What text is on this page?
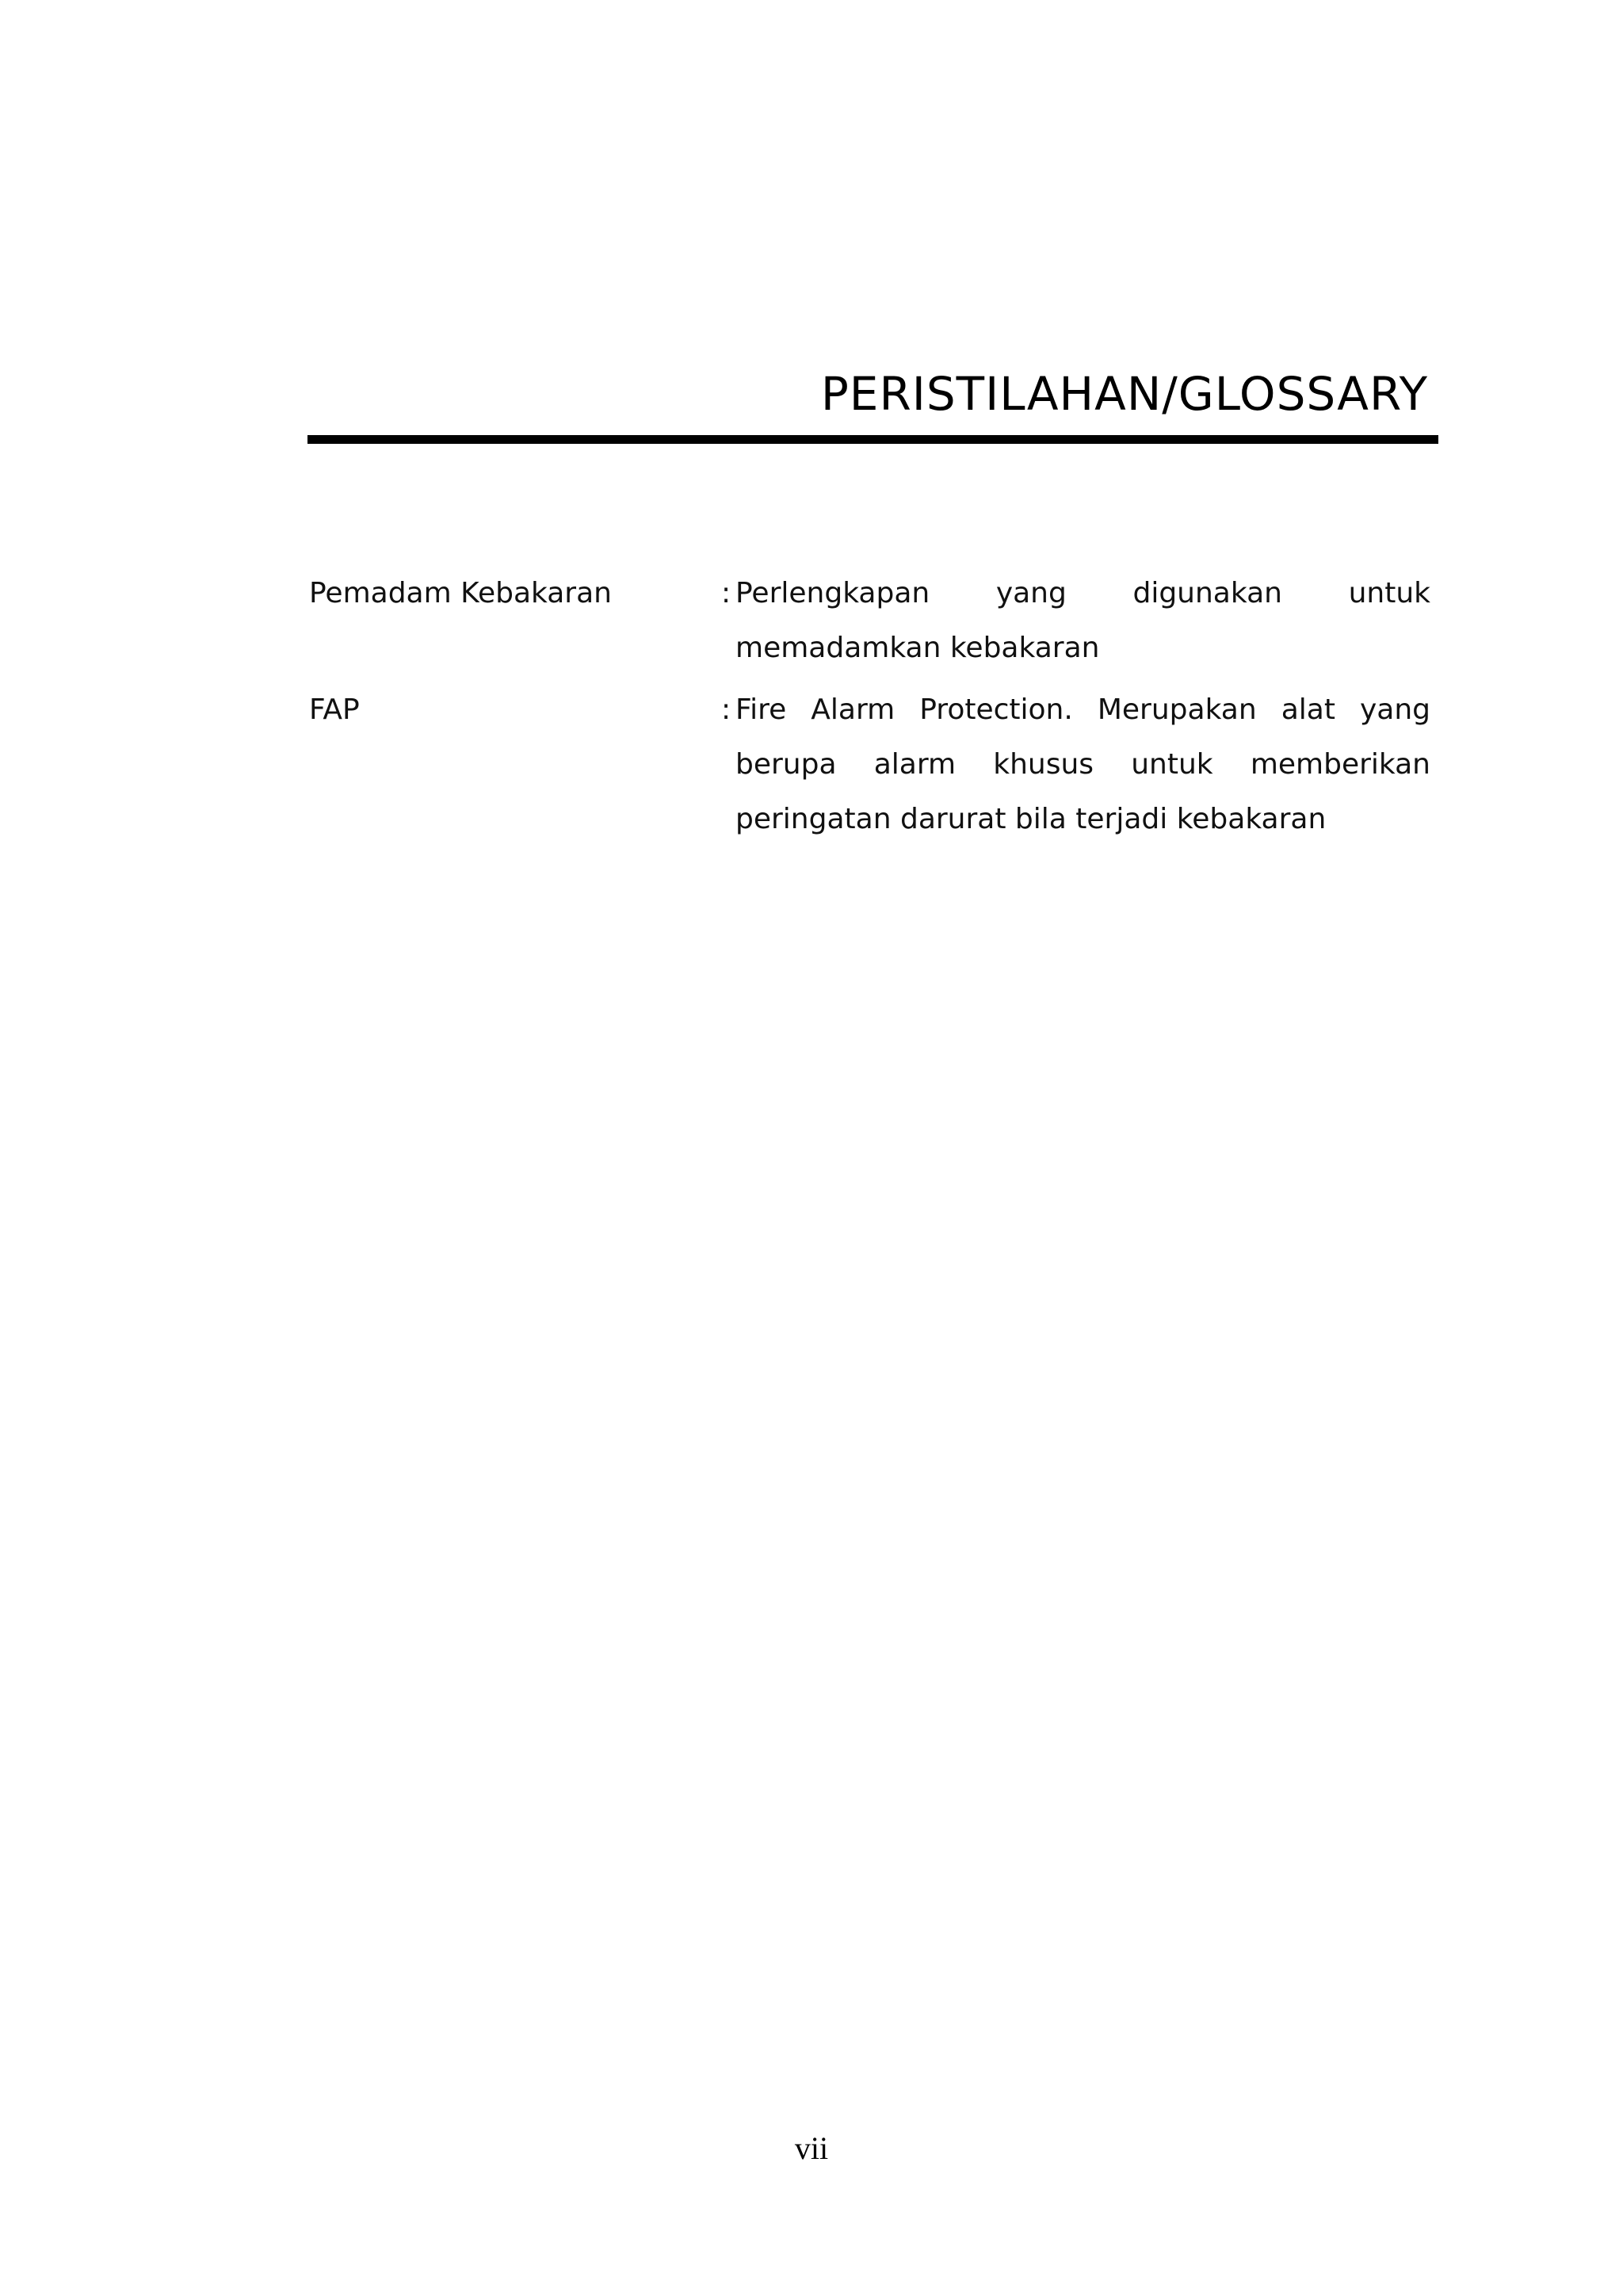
PERISTILAHAN/GLOSSARY
Pemadam Kebakaran	: Perlengkapan yang digunakan untuk memadamkan kebakaran

FAP	: Fire Alarm Protection. Merupakan alat yang berupa alarm khusus untuk memberikan peringatan darurat bila terjadi kebakaran

vii
